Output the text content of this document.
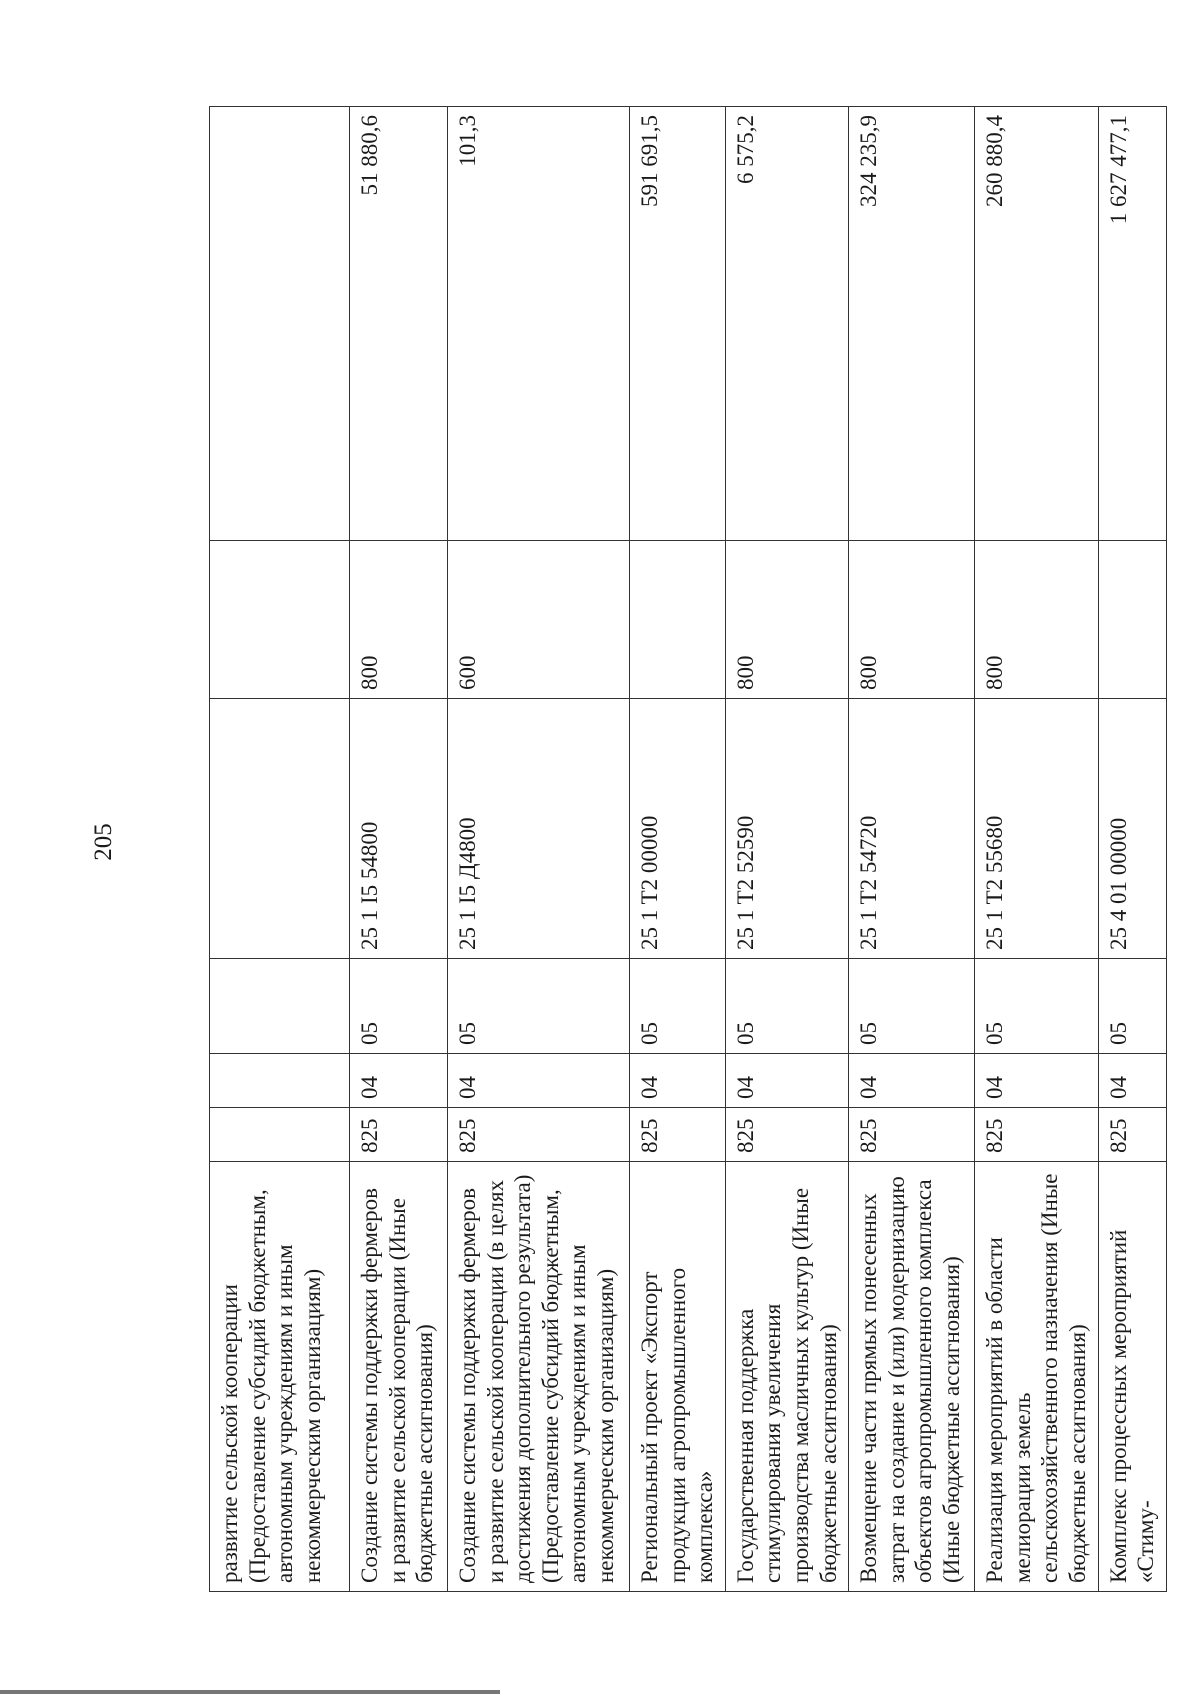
205
развитие сельской кооперации (Предоставление субсидий бюджетным, автономным учреждениям и иным некоммерческим организациям)						
Создание системы поддержки фермеров и развитие сельской кооперации (Иные бюджетные ассигнования)	825	04	05	25 1 I5 54800	800	51 880,6
Создание системы поддержки фермеров и развитие сельской кооперации (в целях достижения дополнительного результата) (Предоставление субсидий бюджетным, автономным учреждениям и иным некоммерческим организациям)	825	04	05	25 1 I5 Д4800	600	101,3
Региональный проект «Экспорт продукции агропромышленного комплекса»	825	04	05	25 1 T2 00000		591 691,5
Государственная поддержка стимулирования увеличения производства масличных культур (Иные бюджетные ассигнования)	825	04	05	25 1 T2 52590	800	6 575,2
Возмещение части прямых понесенных затрат на создание и (или) модернизацию объектов агропромышленного комплекса (Иные бюджетные ассигнования)	825	04	05	25 1 T2 54720	800	324 235,9
Реализация мероприятий в области мелиорации земель сельскохозяйственного назначения (Иные бюджетные ассигнования)	825	04	05	25 1 T2 55680	800	260 880,4
Комплекс процессных мероприятий «Стиму-	825	04	05	25 4 01 00000		1 627 477,1
